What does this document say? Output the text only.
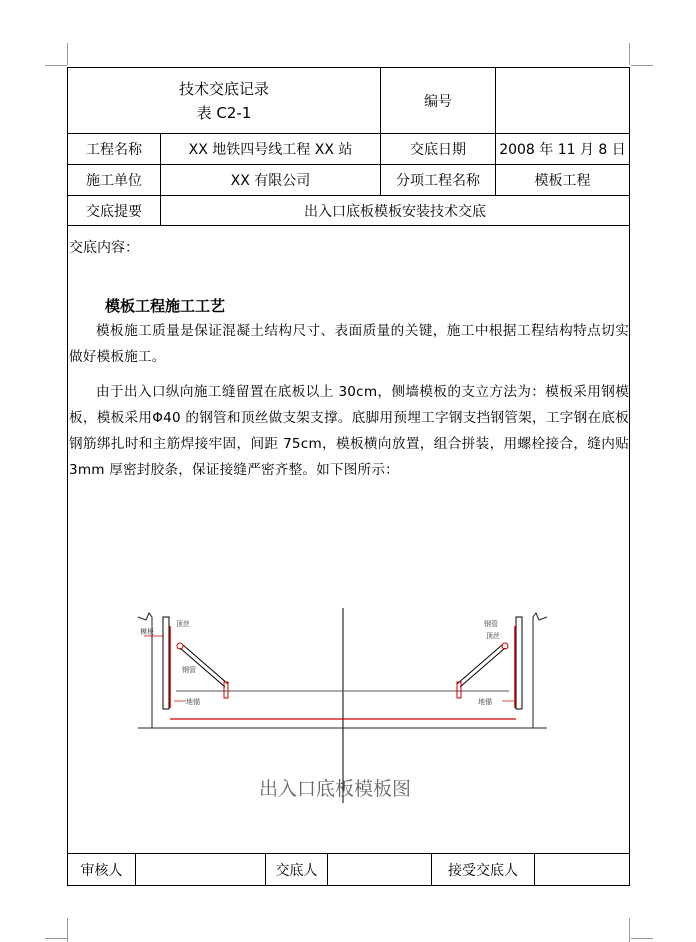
技术交底记录
表 C2-1
编号
工程名称	XX 地铁四号线工程 XX 站	交底日期	2008 年 11 月 8 日
施工单位	XX 有限公司	分项工程名称	模板工程
交底提要	出入口底板模板安装技术交底
交底内容：
模板工程施工工艺
模板施工质量是保证混凝土结构尺寸、表面质量的关键，施工中根据工程结构特点切实做好模板施工。
由于出入口纵向施工缝留置在底板以上 30cm，侧墙模板的支立方法为：模板采用钢模板，模板采用Φ40 的钢管和顶丝做支架支撑。底脚用预埋工字钢支挡钢管架，工字钢在底板钢筋绑扎时和主筋焊接牢固，间距 75cm，模板横向放置，组合拼装，用螺栓接合，缝内贴 3mm 厚密封胶条，保证接缝严密齐整。如下图所示：
模板
顶丝
钢管
地锚
钢管
顶丝
地锚
出入口底板模板图
审核人	交底人	接受交底人
